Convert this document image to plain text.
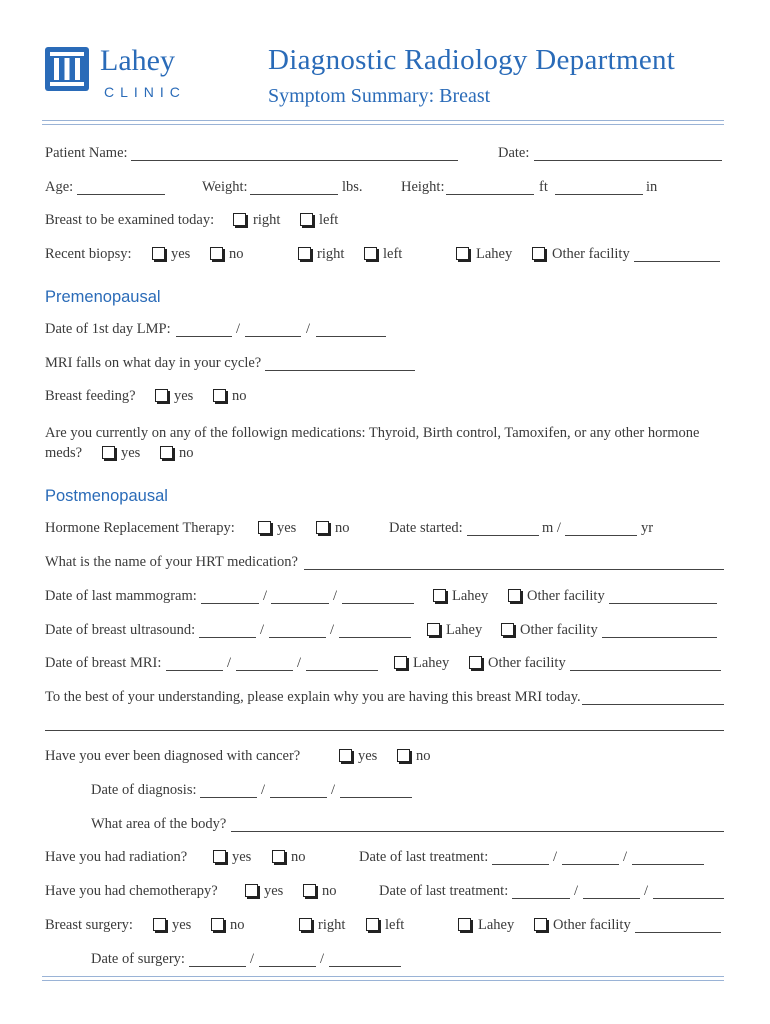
Lahey
CLINIC
Diagnostic Radiology Department
Symptom Summary: Breast
Patient Name:	Date:
Age:	Weight:	lbs.	Height:	ft	in
Breast to be examined today:	right	left
Recent biopsy:	yes	no	right	left	Lahey	Other facility
Premenopausal
Date of 1st day LMP:	/	/
MRI falls on what day in your cycle?
Breast feeding?	yes	no
Are you currently on any of the followign medications: Thyroid, Birth control, Tamoxifen, or any other hormone
meds?	yes	no
Postmenopausal
Hormone Replacement Therapy:	yes	no	Date started:	m /	yr
What is the name of your HRT medication?
Date of last mammogram:	/	/	Lahey	Other facility
Date of breast ultrasound:	/	/	Lahey	Other facility
Date of breast MRI:	/	/	Lahey	Other facility
To the best of your understanding, please explain why you are having this breast MRI today.
Have you ever been diagnosed with cancer?	yes	no
Date of diagnosis:	/	/
What area of the body?
Have you had radiation?	yes	no	Date of last treatment:	/	/
Have you had chemotherapy?	yes	no	Date of last treatment:	/	/
Breast surgery:	yes	no	right	left	Lahey	Other facility
Date of surgery:	/	/
